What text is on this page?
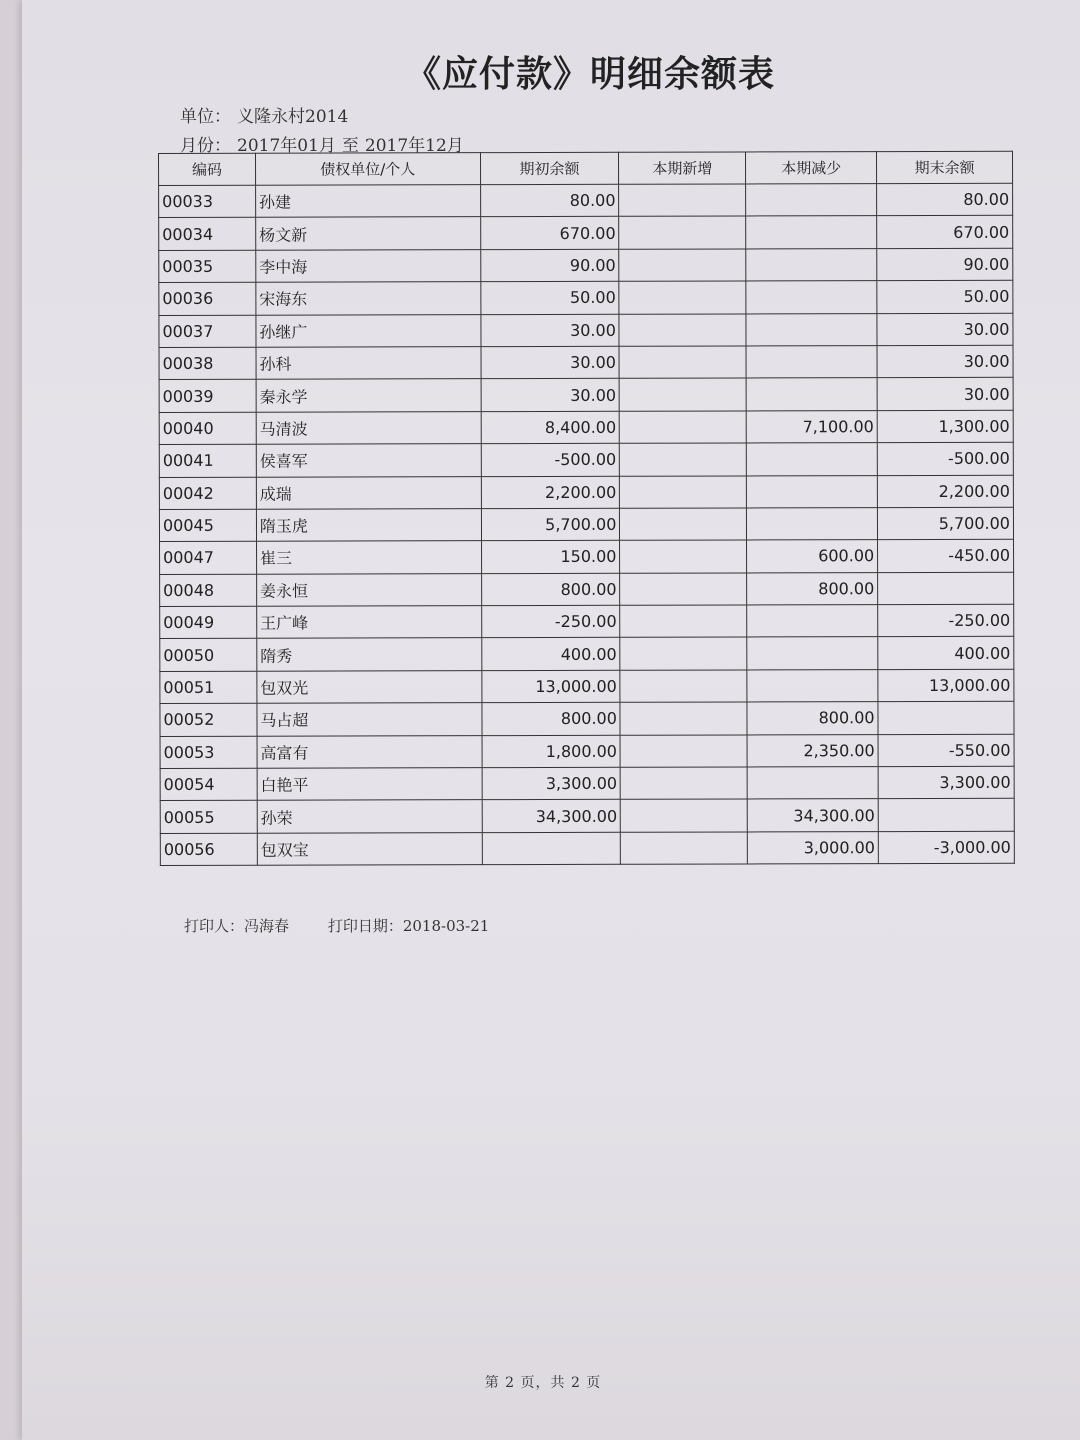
《应付款》明细余额表
单位： 义隆永村2014
月份： 2017年01月 至 2017年12月
编码	债权单位/个人	期初余额	本期新增	本期减少	期末余额
00033	孙建	80.00			80.00
00034	杨文新	670.00			670.00
00035	李中海	90.00			90.00
00036	宋海东	50.00			50.00
00037	孙继广	30.00			30.00
00038	孙科	30.00			30.00
00039	秦永学	30.00			30.00
00040	马清波	8,400.00		7,100.00	1,300.00
00041	侯喜军	-500.00			-500.00
00042	成瑞	2,200.00			2,200.00
00045	隋玉虎	5,700.00			5,700.00
00047	崔三	150.00		600.00	-450.00
00048	姜永恒	800.00		800.00	
00049	王广峰	-250.00			-250.00
00050	隋秀	400.00			400.00
00051	包双光	13,000.00			13,000.00
00052	马占超	800.00		800.00	
00053	高富有	1,800.00		2,350.00	-550.00
00054	白艳平	3,300.00			3,300.00
00055	孙荣	34,300.00		34,300.00	
00056	包双宝			3,000.00	-3,000.00
打印人：冯海春	打印日期：2018-03-21
第 2 页，共 2 页
